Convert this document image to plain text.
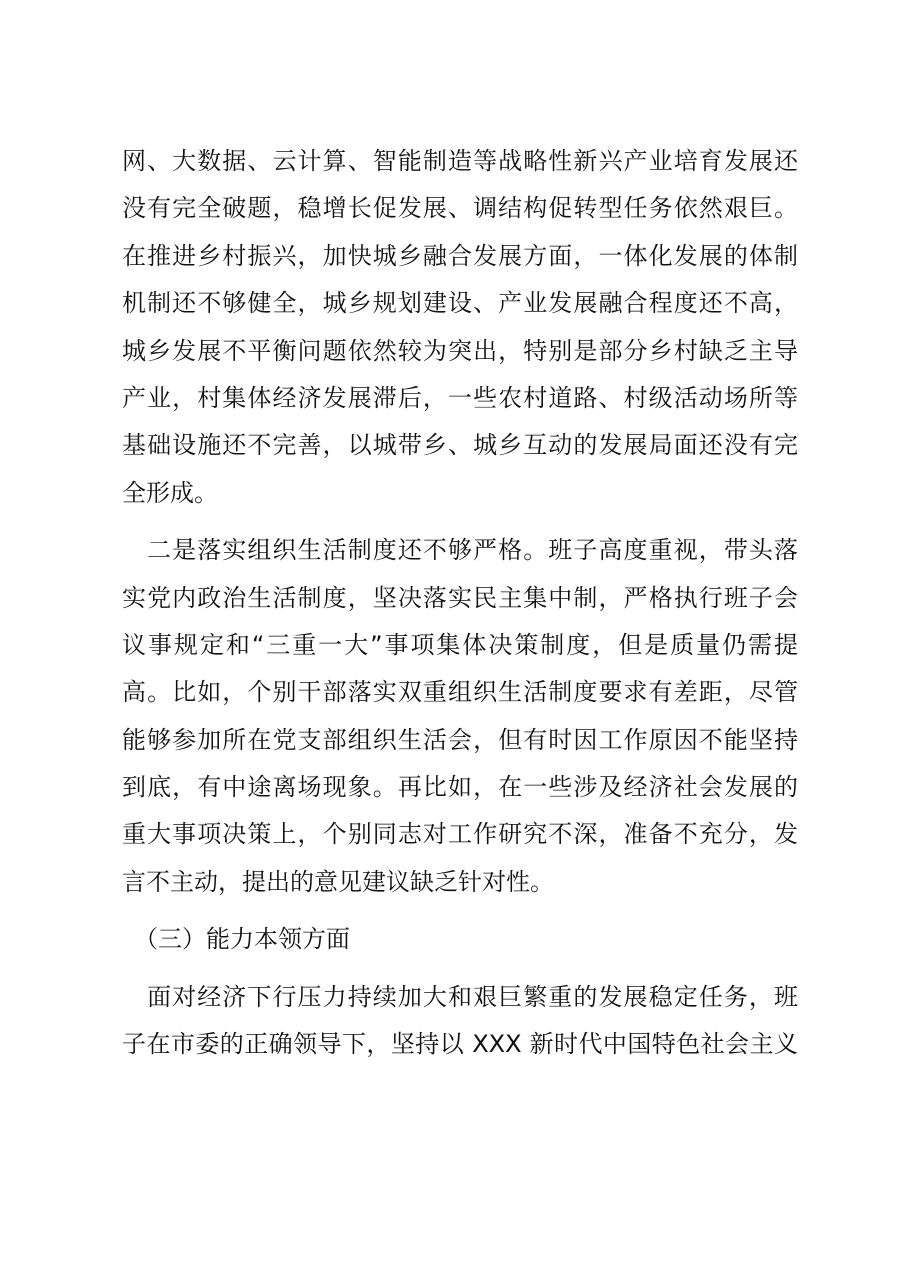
网、大数据、云计算、智能制造等战略性新兴产业培育发展还
没有完全破题，稳增长促发展、调结构促转型任务依然艰巨。
在推进乡村振兴，加快城乡融合发展方面，一体化发展的体制
机制还不够健全，城乡规划建设、产业发展融合程度还不高，
城乡发展不平衡问题依然较为突出，特别是部分乡村缺乏主导
产业，村集体经济发展滞后，一些农村道路、村级活动场所等
基础设施还不完善，以城带乡、城乡互动的发展局面还没有完
全形成。
　二是落实组织生活制度还不够严格。班子高度重视，带头落
实党内政治生活制度，坚决落实民主集中制，严格执行班子会
议事规定和“三重一大”事项集体决策制度，但是质量仍需提
高。比如，个别干部落实双重组织生活制度要求有差距，尽管
能够参加所在党支部组织生活会，但有时因工作原因不能坚持
到底，有中途离场现象。再比如，在一些涉及经济社会发展的
重大事项决策上，个别同志对工作研究不深，准备不充分，发
言不主动，提出的意见建议缺乏针对性。
　（三）能力本领方面
　面对经济下行压力持续加大和艰巨繁重的发展稳定任务，班
子在市委的正确领导下，坚持以 XXX 新时代中国特色社会主义
